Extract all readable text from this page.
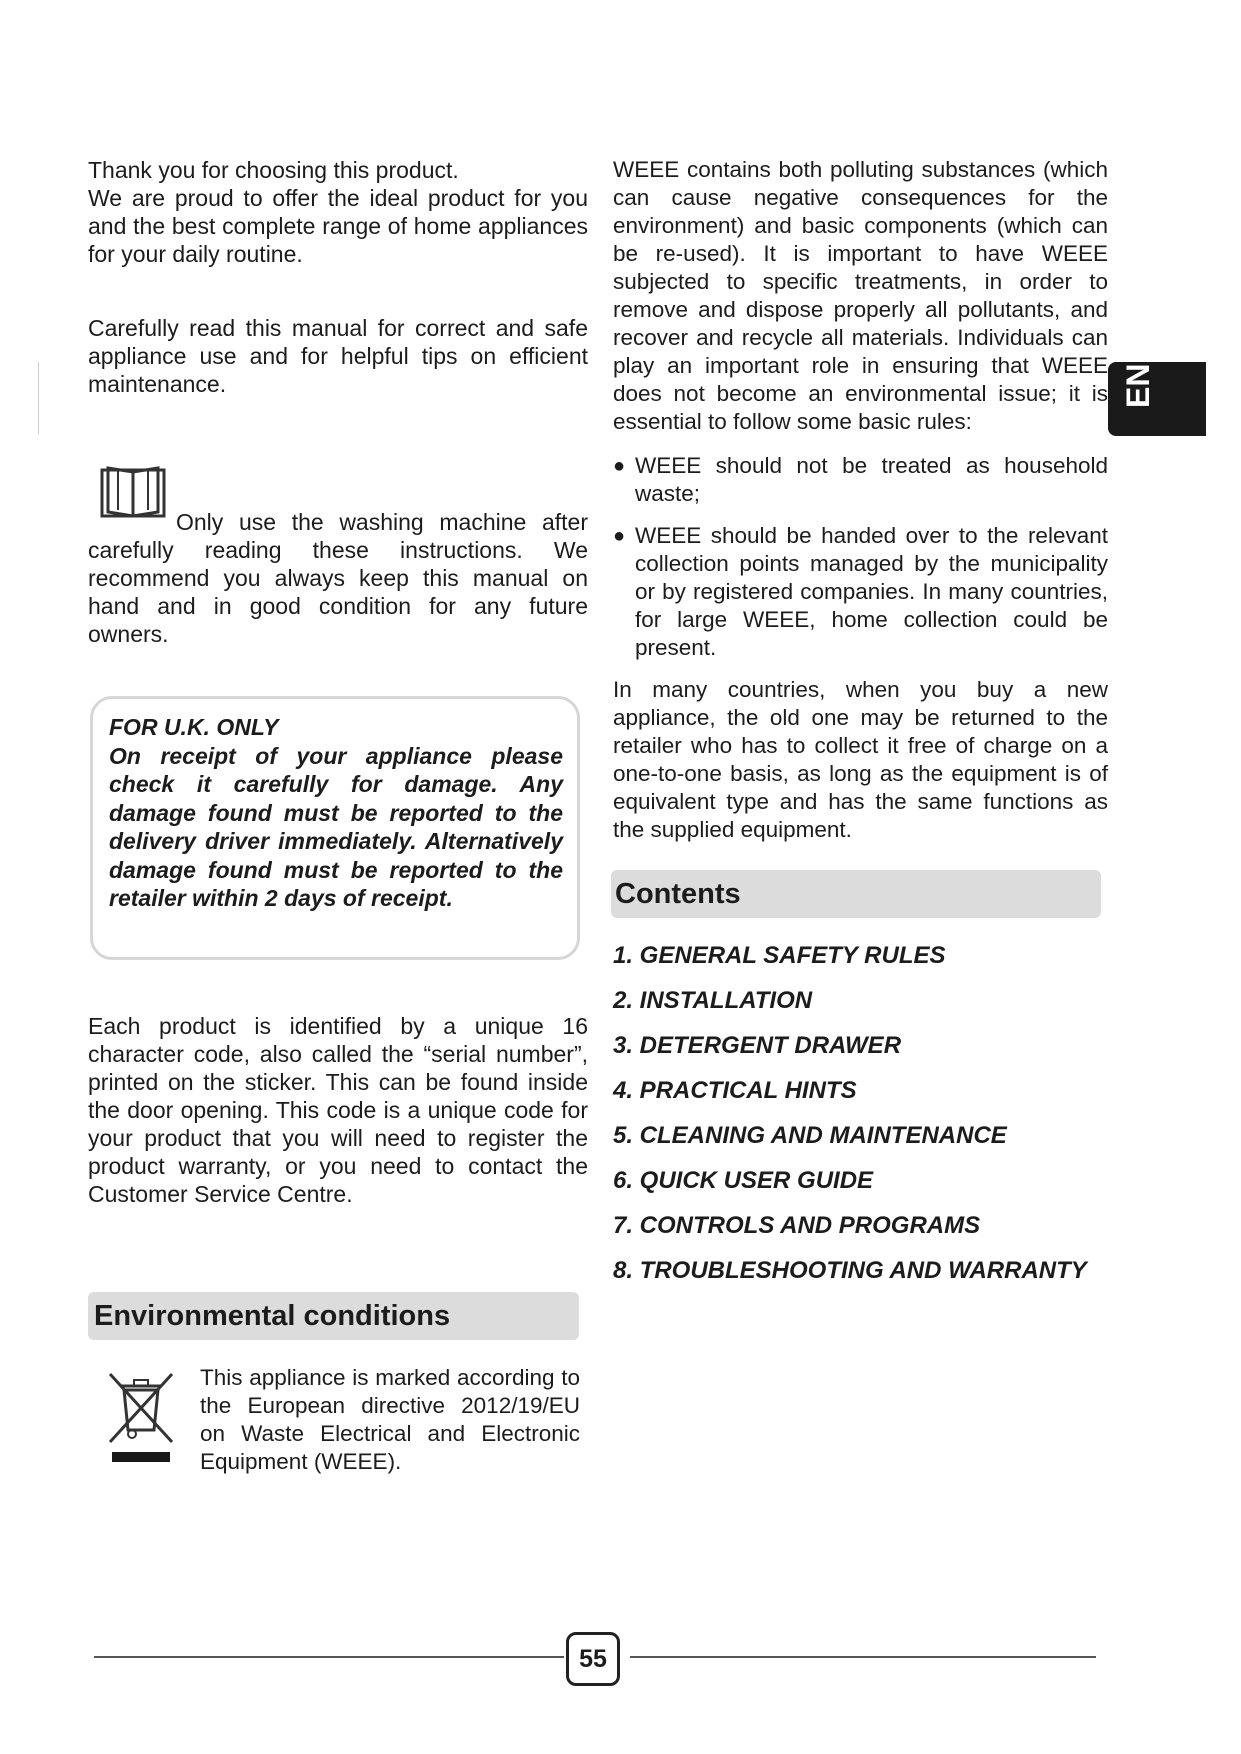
Thank you for choosing this product.

We are proud to offer the ideal product for you and the best complete range of home appliances for your daily routine.

Carefully read this manual for correct and safe appliance use and for helpful tips on efficient maintenance.

Only use the washing machine after carefully reading these instructions. We recommend you always keep this manual on hand and in good condition for any future owners.

FOR U.K. ONLY

On receipt of your appliance please check it carefully for damage. Any damage found must be reported to the delivery driver immediately. Alternatively damage found must be reported to the retailer within 2 days of receipt.

Each product is identified by a unique 16 character code, also called the “serial number”, printed on the sticker. This can be found inside the door opening. This code is a unique code for your product that you will need to register the product warranty, or you need to contact the Customer Service Centre.

Environmental conditions

This appliance is marked according to the European directive 2012/19/EU on Waste Electrical and Electronic Equipment (WEEE).

WEEE contains both polluting substances (which can cause negative consequences for the environment) and basic components (which can be re-used). It is important to have WEEE subjected to specific treatments, in order to remove and dispose properly all pollutants, and recover and recycle all materials. Individuals can play an important role in ensuring that WEEE does not become an environmental issue; it is essential to follow some basic rules:

● WEEE should not be treated as household waste;

● WEEE should be handed over to the relevant collection points managed by the municipality or by registered companies. In many countries, for large WEEE, home collection could be present.

In many countries, when you buy a new appliance, the old one may be returned to the retailer who has to collect it free of charge on a one-to-one basis, as long as the equipment is of equivalent type and has the same functions as the supplied equipment.

Contents
1. GENERAL SAFETY RULES
2. INSTALLATION
3. DETERGENT DRAWER
4. PRACTICAL HINTS
5. CLEANING AND MAINTENANCE
6. QUICK USER GUIDE
7. CONTROLS AND PROGRAMS
8. TROUBLESHOOTING AND WARRANTY
EN
55
